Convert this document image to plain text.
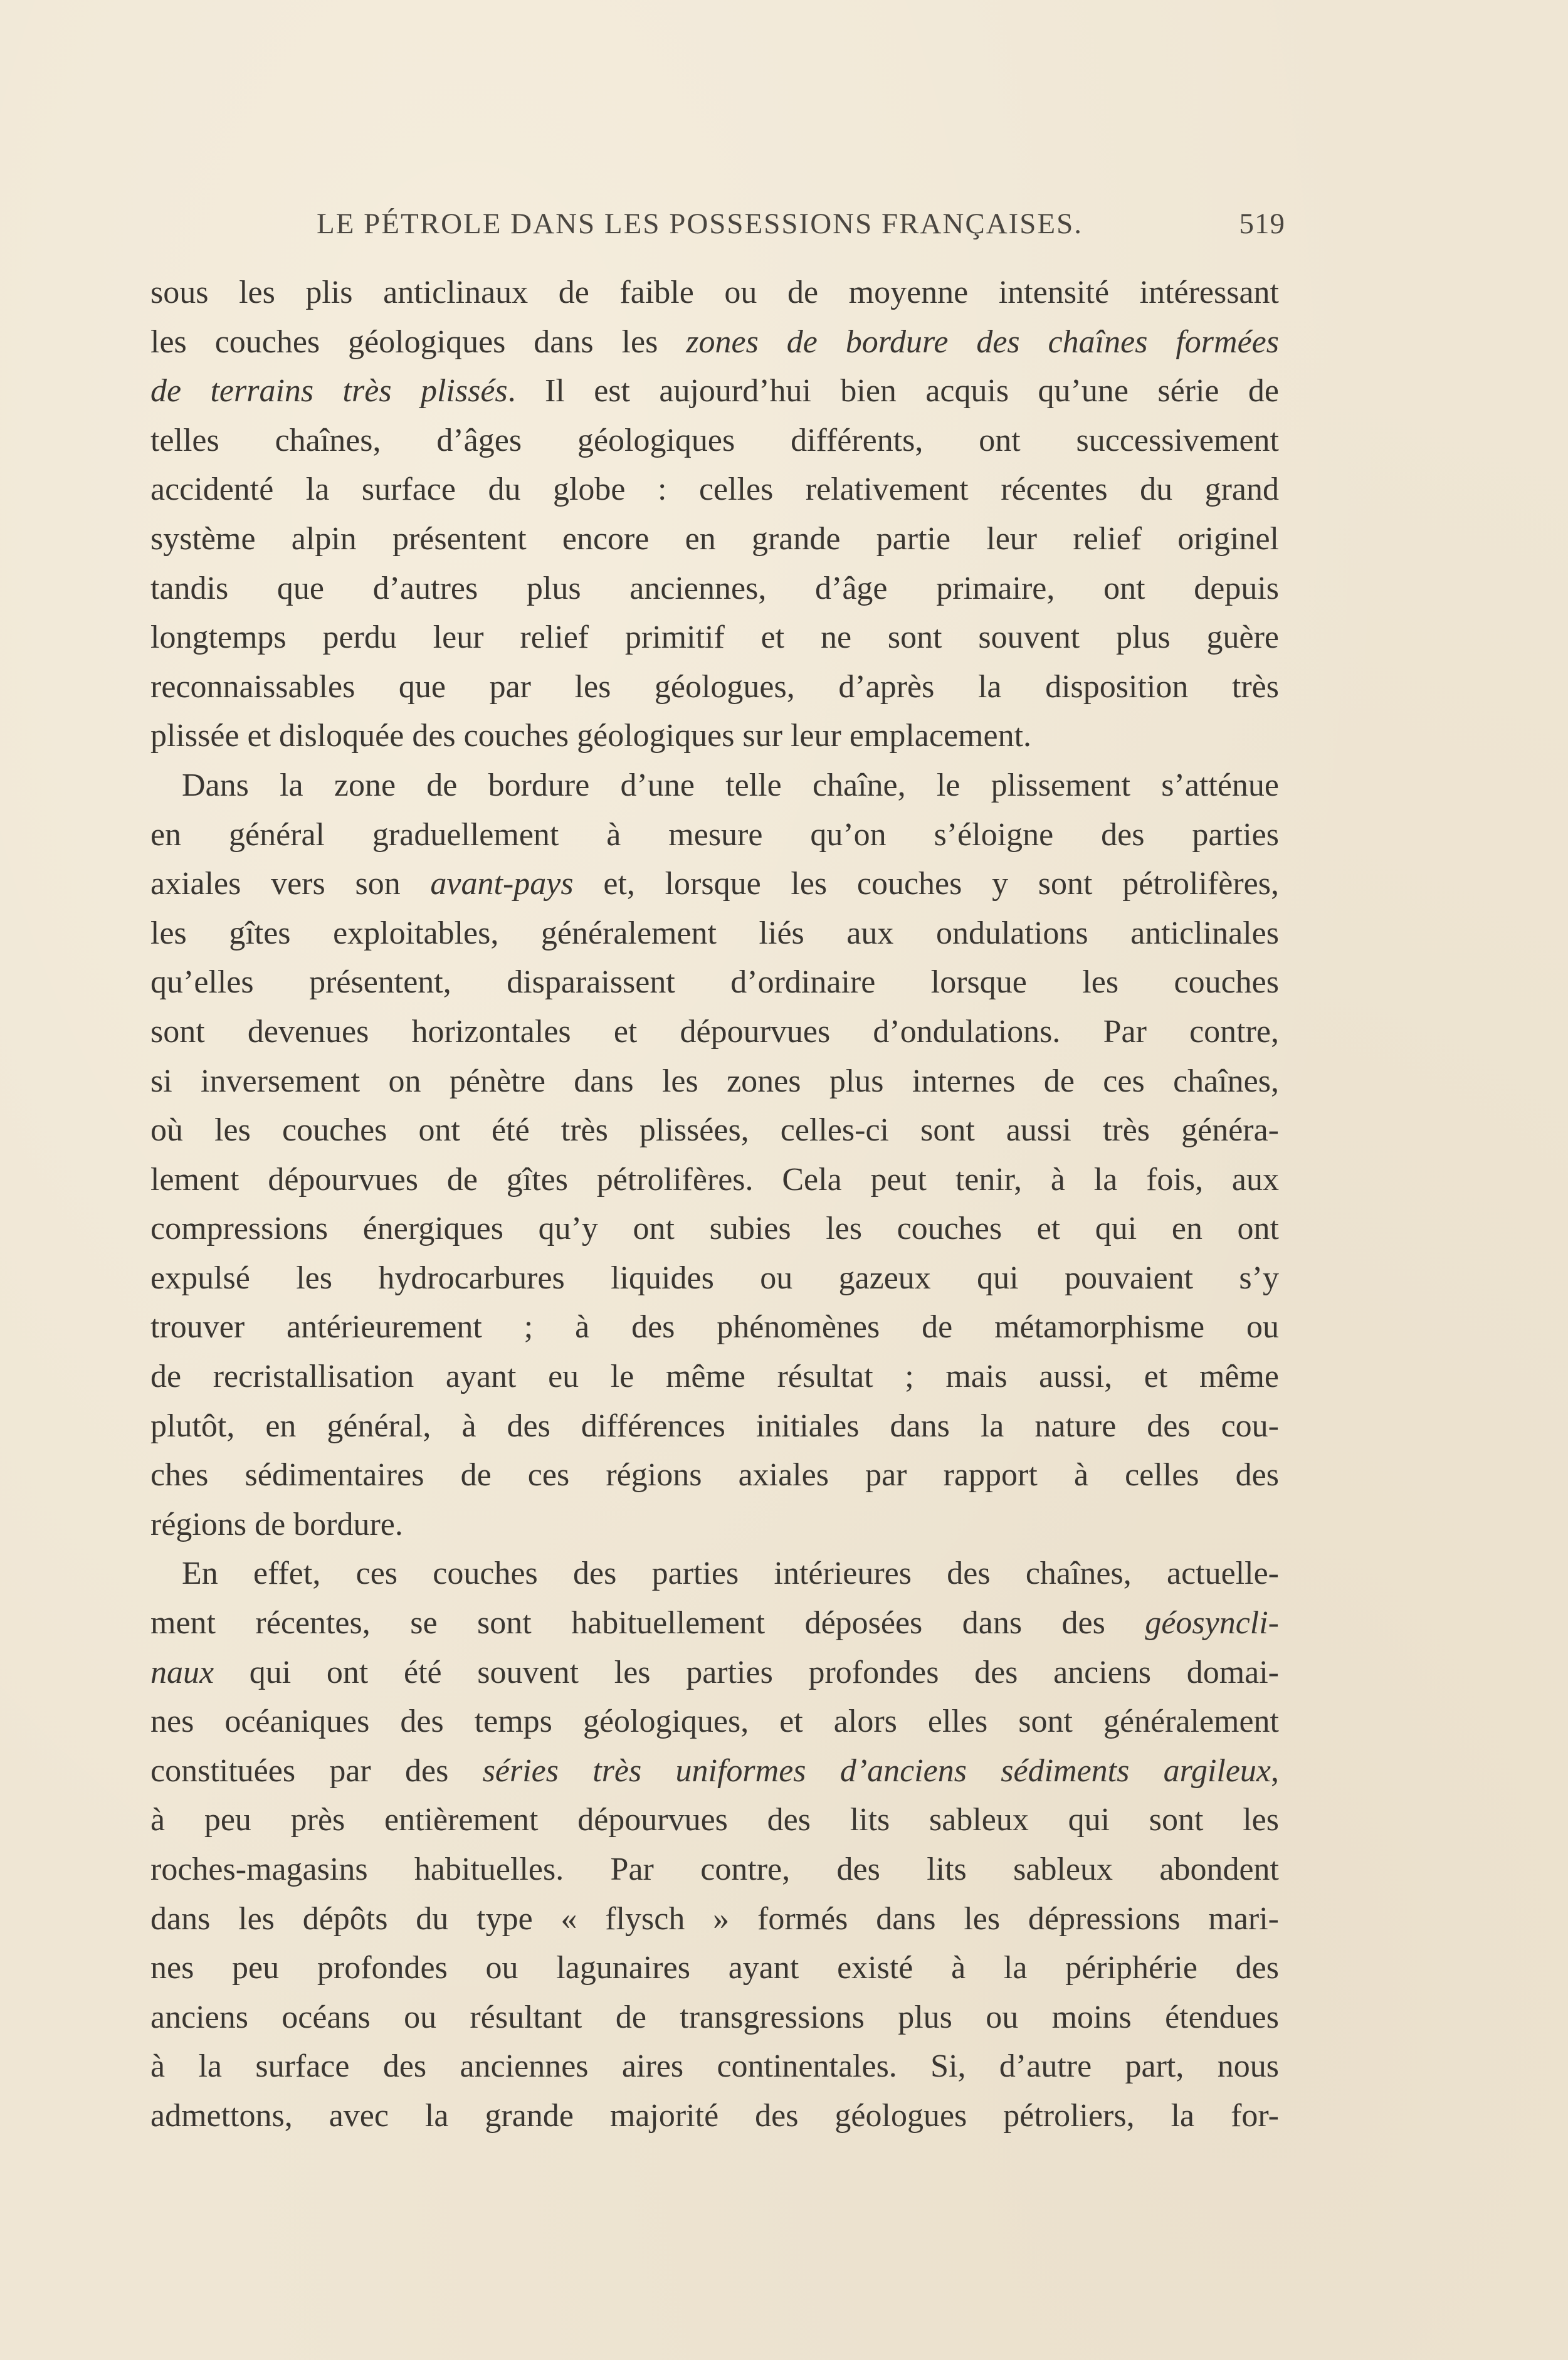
LE PÉTROLE DANS LES POSSESSIONS FRANÇAISES.	519
sous les plis anticlinaux de faible ou de moyenne intensité intéressant
les couches géologiques dans les zones de bordure des chaînes formées
de terrains très plissés. Il est aujourd’hui bien acquis qu’une série de
telles chaînes, d’âges géologiques différents, ont successivement
accidenté la surface du globe : celles relativement récentes du grand
système alpin présentent encore en grande partie leur relief originel
tandis que d’autres plus anciennes, d’âge primaire, ont depuis
longtemps perdu leur relief primitif et ne sont souvent plus guère
reconnaissables que par les géologues, d’après la disposition très
plissée et disloquée des couches géologiques sur leur emplacement.
Dans la zone de bordure d’une telle chaîne, le plissement s’atténue
en général graduellement à mesure qu’on s’éloigne des parties
axiales vers son avant-pays et, lorsque les couches y sont pétrolifères,
les gîtes exploitables, généralement liés aux ondulations anticlinales
qu’elles présentent, disparaissent d’ordinaire lorsque les couches
sont devenues horizontales et dépourvues d’ondulations. Par contre,
si inversement on pénètre dans les zones plus internes de ces chaînes,
où les couches ont été très plissées, celles-ci sont aussi très généra-
lement dépourvues de gîtes pétrolifères. Cela peut tenir, à la fois, aux
compressions énergiques qu’y ont subies les couches et qui en ont
expulsé les hydrocarbures liquides ou gazeux qui pouvaient s’y
trouver antérieurement ; à des phénomènes de métamorphisme ou
de recristallisation ayant eu le même résultat ; mais aussi, et même
plutôt, en général, à des différences initiales dans la nature des cou-
ches sédimentaires de ces régions axiales par rapport à celles des
régions de bordure.
En effet, ces couches des parties intérieures des chaînes, actuelle-
ment récentes, se sont habituellement déposées dans des géosyncli-
naux qui ont été souvent les parties profondes des anciens domai-
nes océaniques des temps géologiques, et alors elles sont généralement
constituées par des séries très uniformes d’anciens sédiments argileux,
à peu près entièrement dépourvues des lits sableux qui sont les
roches-magasins habituelles. Par contre, des lits sableux abondent
dans les dépôts du type « flysch » formés dans les dépressions mari-
nes peu profondes ou lagunaires ayant existé à la périphérie des
anciens océans ou résultant de transgressions plus ou moins étendues
à la surface des anciennes aires continentales. Si, d’autre part, nous
admettons, avec la grande majorité des géologues pétroliers, la for-
